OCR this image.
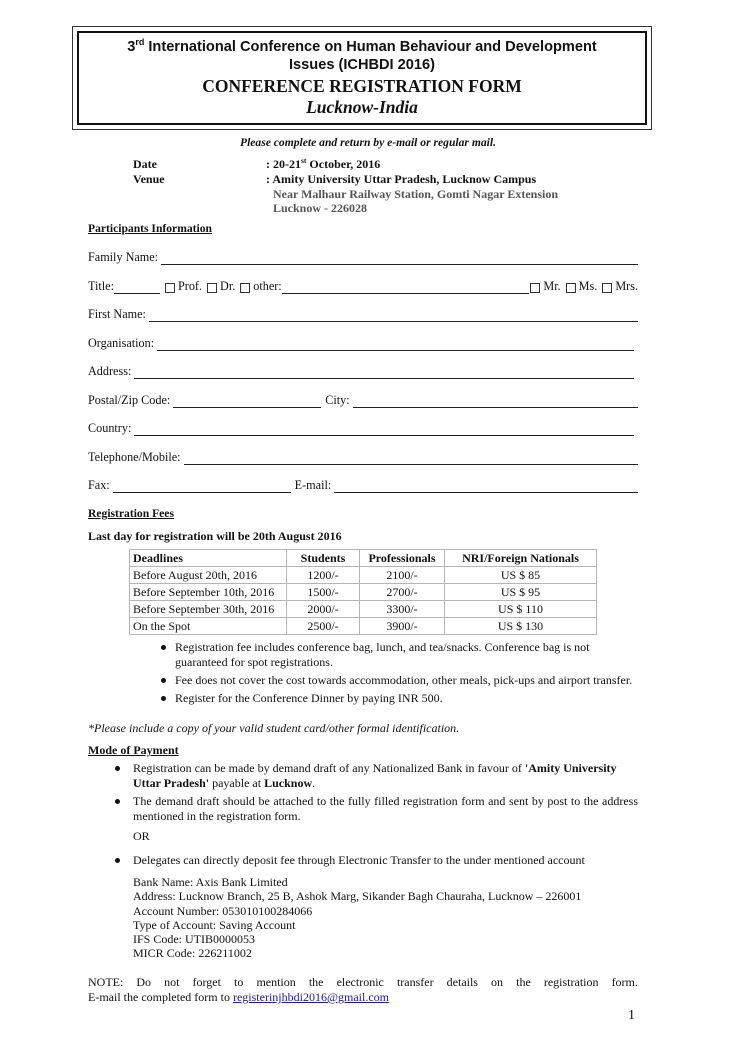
3rd International Conference on Human Behaviour and Development
Issues (ICHBDI 2016)
CONFERENCE REGISTRATION FORM
Lucknow-India
Please complete and return by e-mail or regular mail.
Date	: 20-21st October, 2016
Venue	: Amity University Uttar Pradesh, Lucknow Campus
Near Malhaur Railway Station, Gomti Nagar Extension
Lucknow - 226028
Participants Information
Family Name:
Title:	Prof. Dr. other:	Mr. Ms. Mrs.
First Name:
Organisation:
Address:
Postal/Zip Code:	City:
Country:
Telephone/Mobile:
Fax:	E-mail:
Registration Fees
Last day for registration will be 20th August 2016
Deadlines	Students	Professionals	NRI/Foreign Nationals
Before August 20th, 2016	1200/-	2100/-	US $ 85
Before September 10th, 2016	1500/-	2700/-	US $ 95
Before September 30th, 2016	2000/-	3300/-	US $ 110
On the Spot	2500/-	3900/-	US $ 130
Registration fee includes conference bag, lunch, and tea/snacks. Conference bag is not guaranteed for spot registrations.
Fee does not cover the cost towards accommodation, other meals, pick-ups and airport transfer.
Register for the Conference Dinner by paying INR 500.
*Please include a copy of your valid student card/other formal identification.
Mode of Payment
Registration can be made by demand draft of any Nationalized Bank in favour of 'Amity University Uttar Pradesh' payable at Lucknow.
The demand draft should be attached to the fully filled registration form and sent by post to the address mentioned in the registration form.
OR
Delegates can directly deposit fee through Electronic Transfer to the under mentioned account
Bank Name: Axis Bank Limited
Address: Lucknow Branch, 25 B, Ashok Marg, Sikander Bagh Chauraha, Lucknow – 226001
Account Number: 053010100284066
Type of Account: Saving Account
IFS Code: UTIB0000053
MICR Code: 226211002
NOTE: Do not forget to mention the electronic transfer details on the registration form.
E-mail the completed form to registerinjhbdi2016@gmail.com
1
